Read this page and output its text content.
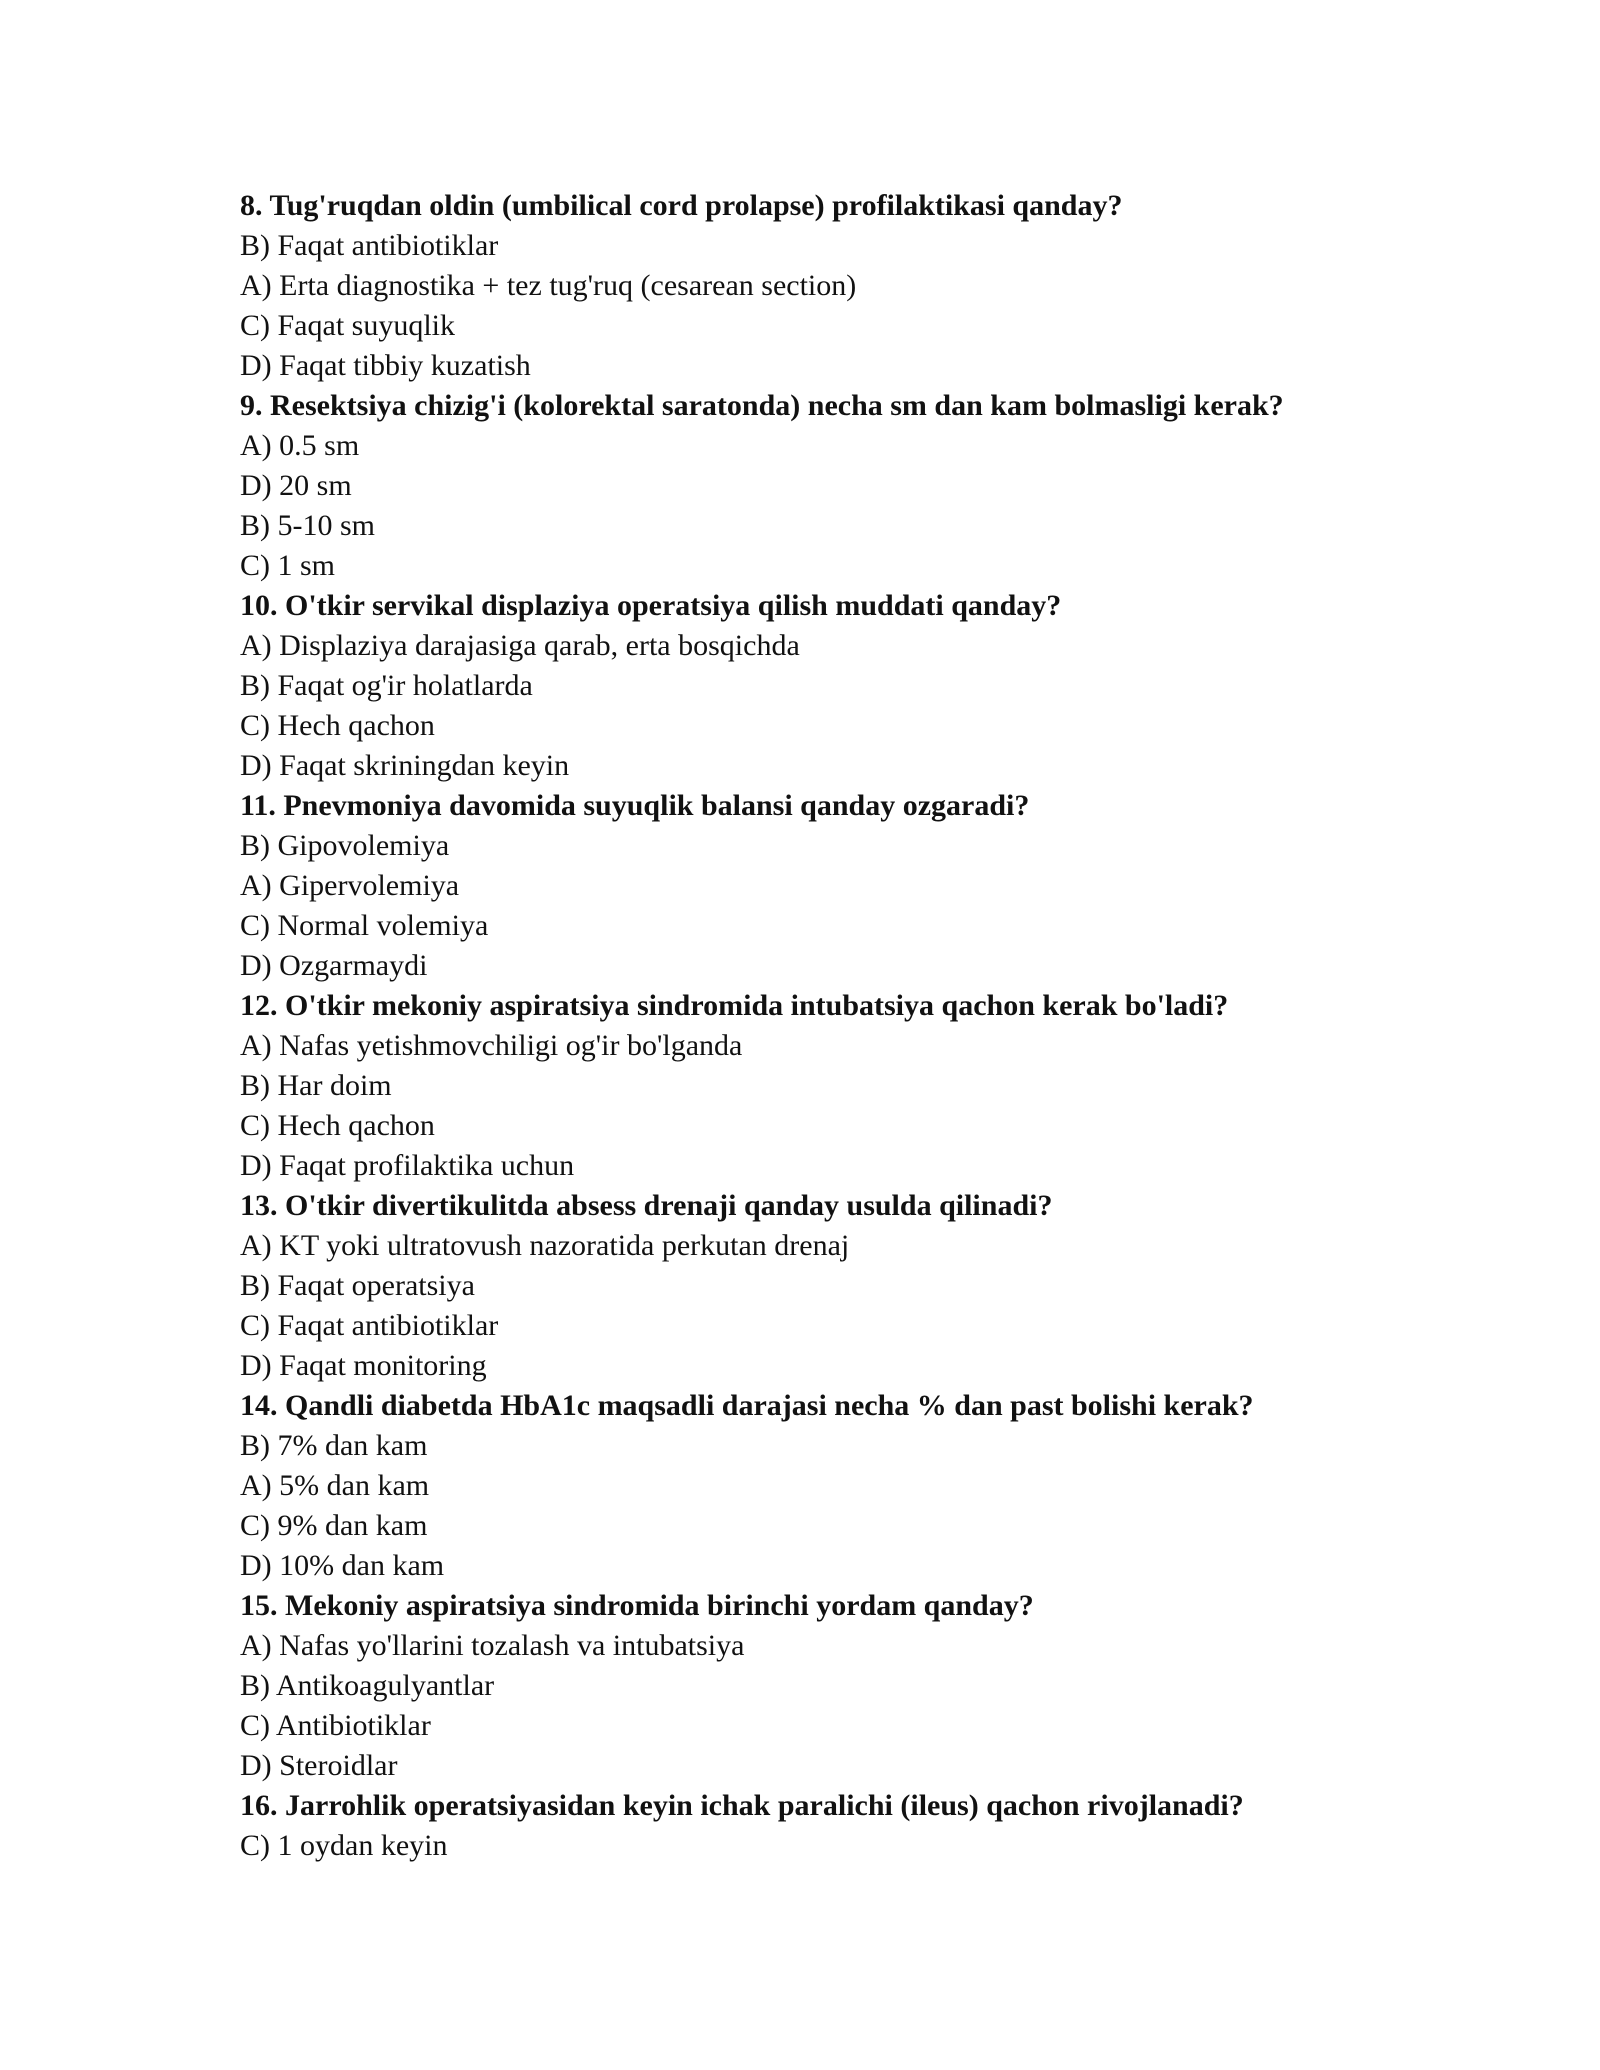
8. Tug'ruqdan oldin (umbilical cord prolapse) profilaktikasi qanday?
B) Faqat antibiotiklar
A) Erta diagnostika + tez tug'ruq (cesarean section)
C) Faqat suyuqlik
D) Faqat tibbiy kuzatish
9. Resektsiya chizig'i (kolorektal saratonda) necha sm dan kam bolmasligi kerak?
A) 0.5 sm
D) 20 sm
B) 5-10 sm
C) 1 sm
10. O'tkir servikal displaziya operatsiya qilish muddati qanday?
A) Displaziya darajasiga qarab, erta bosqichda
B) Faqat og'ir holatlarda
C) Hech qachon
D) Faqat skriningdan keyin
11. Pnevmoniya davomida suyuqlik balansi qanday ozgaradi?
B) Gipovolemiya
A) Gipervolemiya
C) Normal volemiya
D) Ozgarmaydi
12. O'tkir mekoniy aspiratsiya sindromida intubatsiya qachon kerak bo'ladi?
A) Nafas yetishmovchiligi og'ir bo'lganda
B) Har doim
C) Hech qachon
D) Faqat profilaktika uchun
13. O'tkir divertikulitda absess drenaji qanday usulda qilinadi?
A) KT yoki ultratovush nazoratida perkutan drenaj
B) Faqat operatsiya
C) Faqat antibiotiklar
D) Faqat monitoring
14. Qandli diabetda HbA1c maqsadli darajasi necha % dan past bolishi kerak?
B) 7% dan kam
A) 5% dan kam
C) 9% dan kam
D) 10% dan kam
15. Mekoniy aspiratsiya sindromida birinchi yordam qanday?
A) Nafas yo'llarini tozalash va intubatsiya
B) Antikoagulyantlar
C) Antibiotiklar
D) Steroidlar
16. Jarrohlik operatsiyasidan keyin ichak paralichi (ileus) qachon rivojlanadi?
C) 1 oydan keyin
